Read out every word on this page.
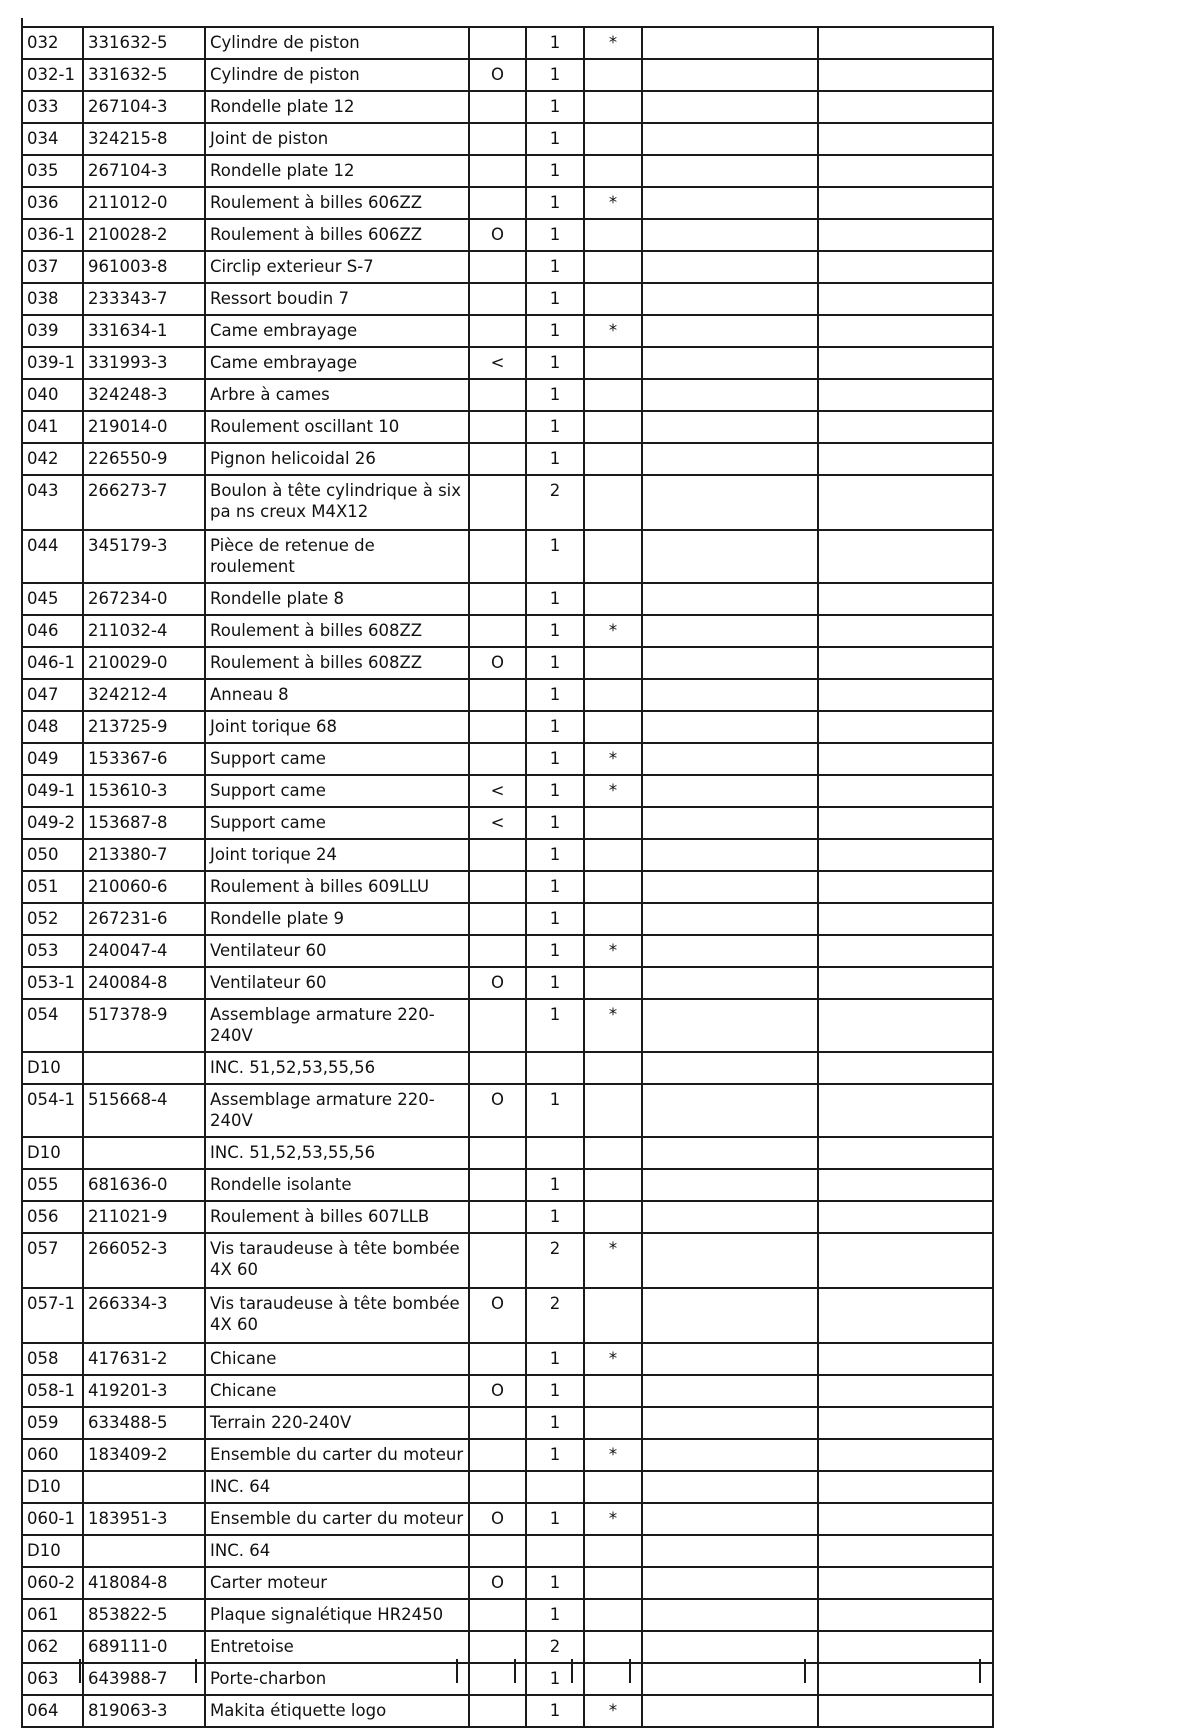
032	331632-5	Cylindre de piston		1	*		
032-1	331632-5	Cylindre de piston	O	1			
033	267104-3	Rondelle plate 12		1			
034	324215-8	Joint de piston		1			
035	267104-3	Rondelle plate 12		1			
036	211012-0	Roulement à billes 606ZZ		1	*		
036-1	210028-2	Roulement à billes 606ZZ	O	1			
037	961003-8	Circlip exterieur S-7		1			
038	233343-7	Ressort boudin 7		1			
039	331634-1	Came embrayage		1	*		
039-1	331993-3	Came embrayage	<	1			
040	324248-3	Arbre à cames		1			
041	219014-0	Roulement oscillant 10		1			
042	226550-9	Pignon helicoidal 26		1			
043	266273-7	Boulon à tête cylindrique à six pa ns creux M4X12		2			
044	345179-3	Pièce de retenue de roulement		1			
045	267234-0	Rondelle plate 8		1			
046	211032-4	Roulement à billes 608ZZ		1	*		
046-1	210029-0	Roulement à billes 608ZZ	O	1			
047	324212-4	Anneau 8		1			
048	213725-9	Joint torique 68		1			
049	153367-6	Support came		1	*		
049-1	153610-3	Support came	<	1	*		
049-2	153687-8	Support came	<	1			
050	213380-7	Joint torique 24		1			
051	210060-6	Roulement à billes 609LLU		1			
052	267231-6	Rondelle plate 9		1			
053	240047-4	Ventilateur 60		1	*		
053-1	240084-8	Ventilateur 60	O	1			
054	517378-9	Assemblage armature 220-240V		1	*		
D10		INC. 51,52,53,55,56					
054-1	515668-4	Assemblage armature 220-240V	O	1			
D10		INC. 51,52,53,55,56					
055	681636-0	Rondelle isolante		1			
056	211021-9	Roulement à billes 607LLB		1			
057	266052-3	Vis taraudeuse à tête bombée 4X 60		2	*		
057-1	266334-3	Vis taraudeuse à tête bombée 4X 60	O	2			
058	417631-2	Chicane		1	*		
058-1	419201-3	Chicane	O	1			
059	633488-5	Terrain 220-240V		1			
060	183409-2	Ensemble du carter du moteur		1	*		
D10		INC. 64					
060-1	183951-3	Ensemble du carter du moteur	O	1	*		
D10		INC. 64					
060-2	418084-8	Carter moteur	O	1			
061	853822-5	Plaque signalétique HR2450		1			
062	689111-0	Entretoise		2			
063	643988-7	Porte-charbon		1			
064	819063-3	Makita étiquette logo		1	*		
